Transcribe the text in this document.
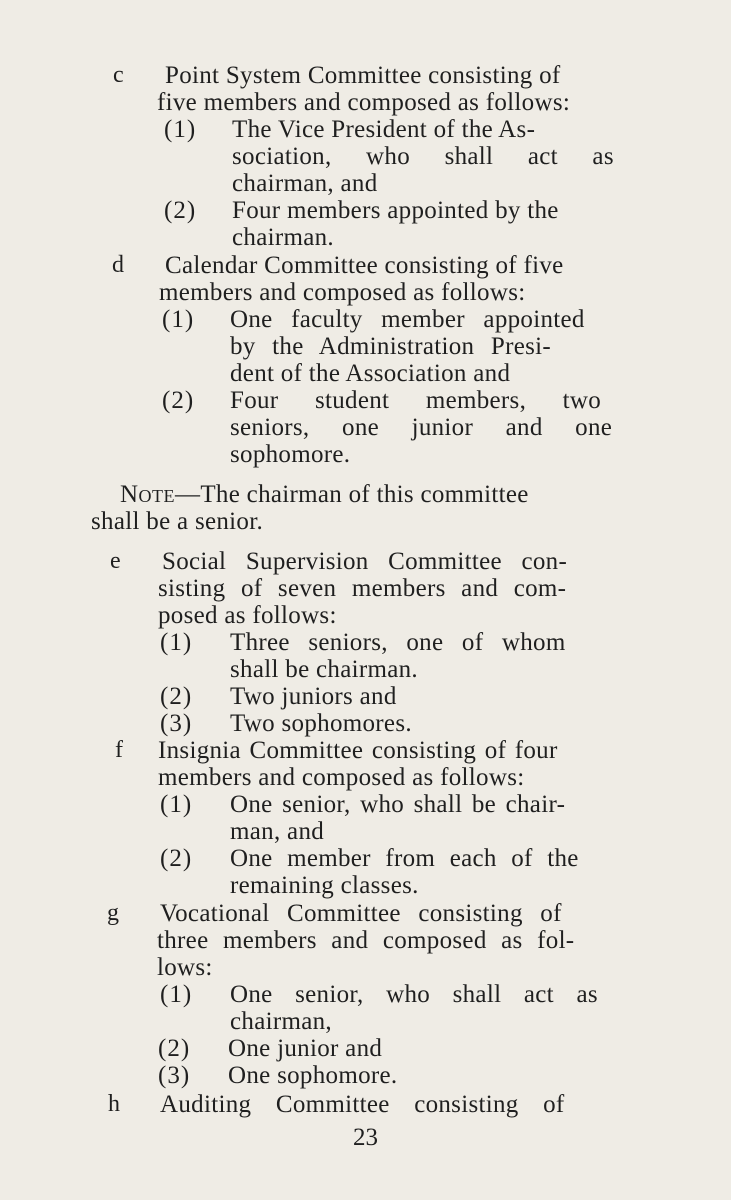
c Point System Committee consisting of
five members and composed as follows:
(1) The Vice President of the As-
sociation, who shall act as
chairman, and
(2) Four members appointed by the
chairman.
d Calendar Committee consisting of five
members and composed as follows:
(1) One faculty member appointed
by the Administration Presi-
dent of the Association and
(2) Four student members, two
seniors, one junior and one
sophomore.
Note—The chairman of this committee
shall be a senior.
e Social Supervision Committee con-
sisting of seven members and com-
posed as follows:
(1) Three seniors, one of whom
shall be chairman.
(2) Two juniors and
(3) Two sophomores.
f Insignia Committee consisting of four
members and composed as follows:
(1) One senior, who shall be chair-
man, and
(2) One member from each of the
remaining classes.
g Vocational Committee consisting of
three members and composed as fol-
lows:
(1) One senior, who shall act as
chairman,
(2) One junior and
(3) One sophomore.
h Auditing Committee consisting of
23
